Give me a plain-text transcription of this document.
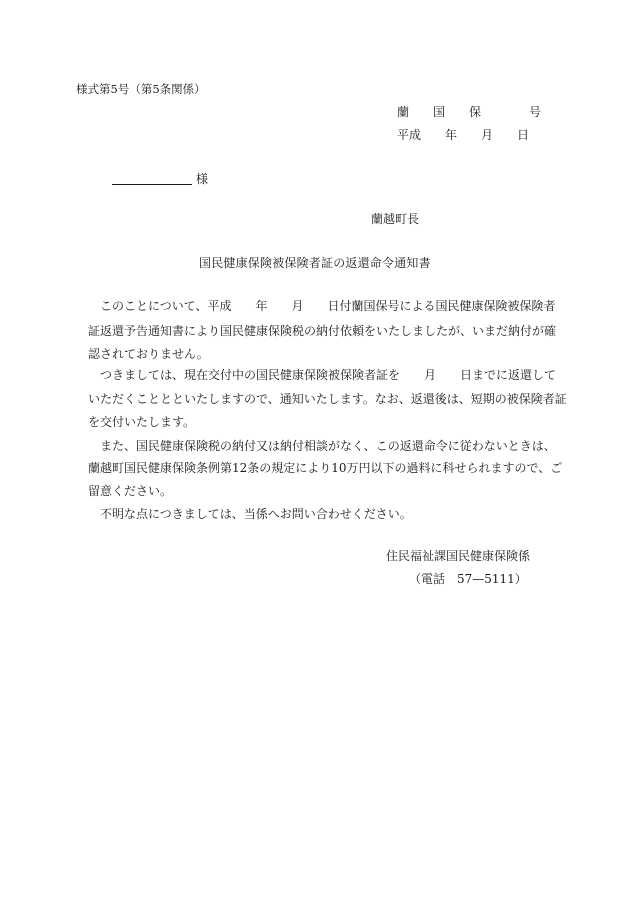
様式第5号（第5条関係）
蘭　　国　　保　　　　号
平成　　年　　月　　日
様
蘭越町長
国民健康保険被保険者証の返還命令通知書
　このことについて、平成　　年　　月　　日付蘭国保号による国民健康保険被保険者
証返還予告通知書により国民健康保険税の納付依頼をいたしましたが、いまだ納付が確
認されておりません。
　つきましては、現在交付中の国民健康保険被保険者証を　　月　　日までに返還して
いただくこととといたしますので、通知いたします。なお、返還後は、短期の被保険者証
を交付いたします。
　また、国民健康保険税の納付又は納付相談がなく、この返還命令に従わないときは、
蘭越町国民健康保険条例第12条の規定により10万円以下の過料に科せられますので、ご
留意ください。
　不明な点につきましては、当係へお問い合わせください。
住民福祉課国民健康保険係
（電話　57—5111）
